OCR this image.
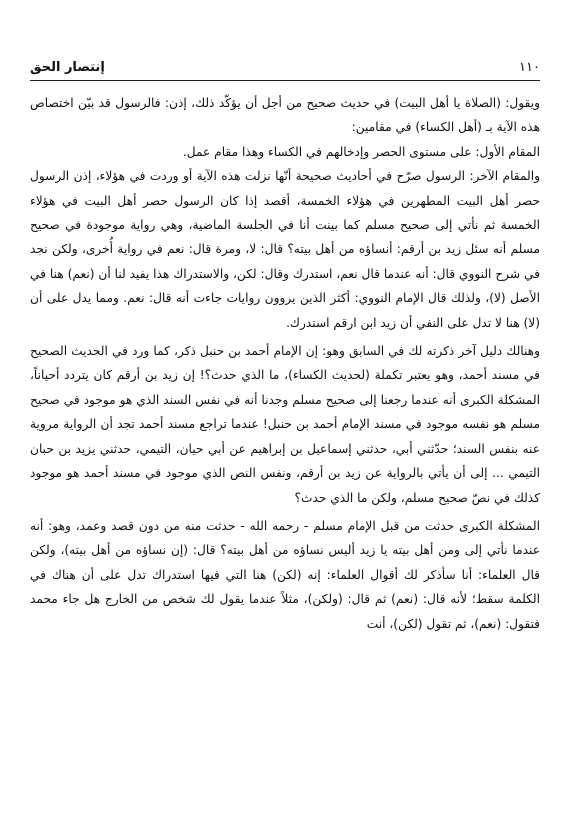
١١٠
إنتصار الحق

ويقول: (الصلاة يا أهل البيت) في حديث صحيح من أجل أن يؤكّد ذلك، إذن: فالرسول قد بيّن اختصاص هذه الآية بـ (أهل الكساء) في مقامين:

المقام الأول: على مستوى الحصر وإدخالهم في الكساء وهذا مقام عمل.

والمقام الآخر: الرسول صرّح في أحاديث صحيحة أنّها نزلت هذه الآية أو وردت في هؤلاء، إذن الرسول حصر أهل البيت المطهرين في هؤلاء الخمسة، أقصد إذا كان الرسول حصر أهل البيت في هؤلاء الخمسة ثم نأتي إلى صحيح مسلم كما بينت أنا في الجلسة الماضية، وهي رواية موجودة في صحيح مسلم أنه سئل زيد بن أرقم: أنساؤه من أهل بيته؟ قال: لا، ومرة قال: نعم في رواية أُخرى، ولكن نجد في شرح النووي قال: أنه عندما قال نعم، استدرك وقال: لكن، والاستدراك هذا يفيد لنا أن (نعم) هنا في الأصل (لا)، ولذلك قال الإمام النووي: أكثر الذين يروون روايات جاءت أنه قال: نعم. ومما يدل على أن (لا) هنا لا تدل على النفي أن زيد ابن ارقم استدرك.

وهنالك دليل آخر ذكرته لك في السابق وهو: إن الإمام أحمد بن حنبل ذكر، كما ورد في الحديث الصحيح في مسند أحمد، وهو يعتبر تكملة (لحديث الكساء)، ما الذي حدث؟! إن زيد بن أرقم كان يتردد أحياناً، المشكلة الكبرى أنه عندما رجعنا إلى صحيح مسلم وجدنا أنه في نفس السند الذي هو موجود في صحيح مسلم هو نفسه موجود في مسند الإمام أحمد بن حنبل! عندما تراجع مسند أحمد تجد أن الرواية مروية عنه بنفس السند؛ حدّثني أبي، حدثني إسماعيل بن إبراهيم عن أبي حيان، التيمي، حدثني يزيد بن حبان التيمي ... إلى أن يأتي بالرواية عن زيد بن أرقم، ونفس النص الذي موجود في مسند أحمد هو موجود كذلك في نصّ صحيح مسلم، ولكن ما الذي حدث؟

المشكلة الكبرى حدثت من قبل الإمام مسلم - رحمه الله - حدثت منه من دون قصد وعمد، وهو: أنه عندما نأتي إلى ومن أهل بيته يا زيد أليس نساؤه من أهل بيته؟ قال: (إن نساؤه من أهل بيته)، ولكن قال العلماء: أنا سأذكر لك أقوال العلماء: إنه (لكن) هنا التي فيها استدراك تدل على أن هناك في الكلمة سقط؛ لأنه قال: (نعم) ثم قال: (ولكن)، مثلاً عندما يقول لك شخص من الخارج هل جاء محمد فتقول: (نعم)، ثم تقول (لكن)، أنت
